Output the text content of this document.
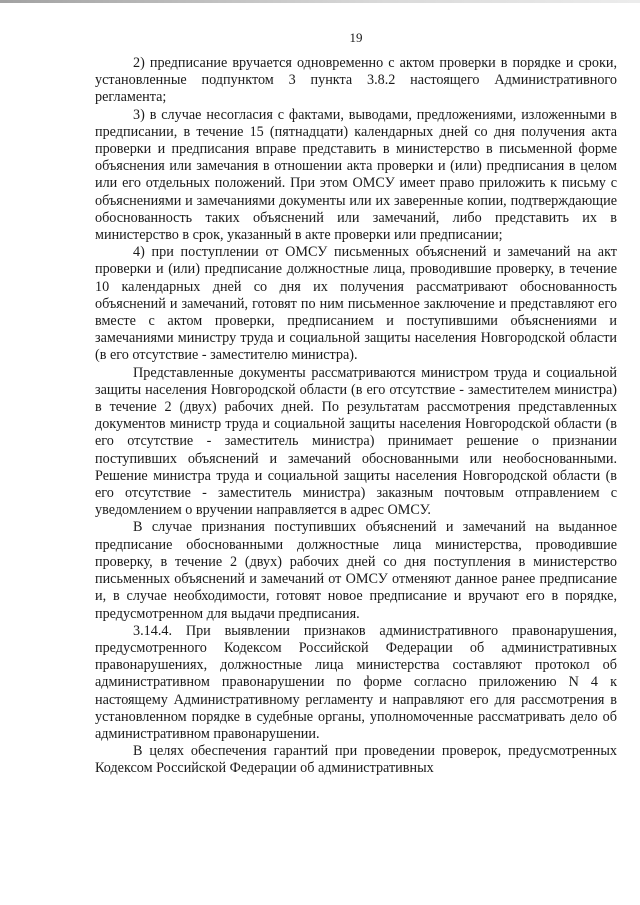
19

2) предписание вручается одновременно с актом проверки в порядке и сроки, установленные подпунктом 3 пункта 3.8.2 настоящего Административного регламента;

3) в случае несогласия с фактами, выводами, предложениями, изложенными в предписании, в течение 15 (пятнадцати) календарных дней со дня получения акта проверки и предписания вправе представить в министерство в письменной форме объяснения или замечания в отношении акта проверки и (или) предписания в целом или его отдельных положений. При этом ОМСУ имеет право приложить к письму с объяснениями и замечаниями документы или их заверенные копии, подтверждающие обоснованность таких объяснений или замечаний, либо представить их в министерство в срок, указанный в акте проверки или предписании;

4) при поступлении от ОМСУ письменных объяснений и замечаний на акт проверки и (или) предписание должностные лица, проводившие проверку, в течение 10 календарных дней со дня их получения рассматривают обоснованность объяснений и замечаний, готовят по ним письменное заключение и представляют его вместе с актом проверки, предписанием и поступившими объяснениями и замечаниями министру труда и социальной защиты населения Новгородской области (в его отсутствие - заместителю министра).

Представленные документы рассматриваются министром труда и социальной защиты населения Новгородской области (в его отсутствие - заместителем министра) в течение 2 (двух) рабочих дней. По результатам рассмотрения представленных документов министр труда и социальной защиты населения Новгородской области (в его отсутствие - заместитель министра) принимает решение о признании поступивших объяснений и замечаний обоснованными или необоснованными. Решение министра труда и социальной защиты населения Новгородской области (в его отсутствие - заместитель министра) заказным почтовым отправлением с уведомлением о вручении направляется в адрес ОМСУ.

В случае признания поступивших объяснений и замечаний на выданное предписание обоснованными должностные лица министерства, проводившие проверку, в течение 2 (двух) рабочих дней со дня поступления в министерство письменных объяснений и замечаний от ОМСУ отменяют данное ранее предписание и, в случае необходимости, готовят новое предписание и вручают его в порядке, предусмотренном для выдачи предписания.

3.14.4. При выявлении признаков административного правонарушения, предусмотренного Кодексом Российской Федерации об административных правонарушениях, должностные лица министерства составляют протокол об административном правонарушении по форме согласно приложению N 4 к настоящему Административному регламенту и направляют его для рассмотрения в установленном порядке в судебные органы, уполномоченные рассматривать дело об административном правонарушении.

В целях обеспечения гарантий при проведении проверок, предусмотренных Кодексом Российской Федерации об административных
